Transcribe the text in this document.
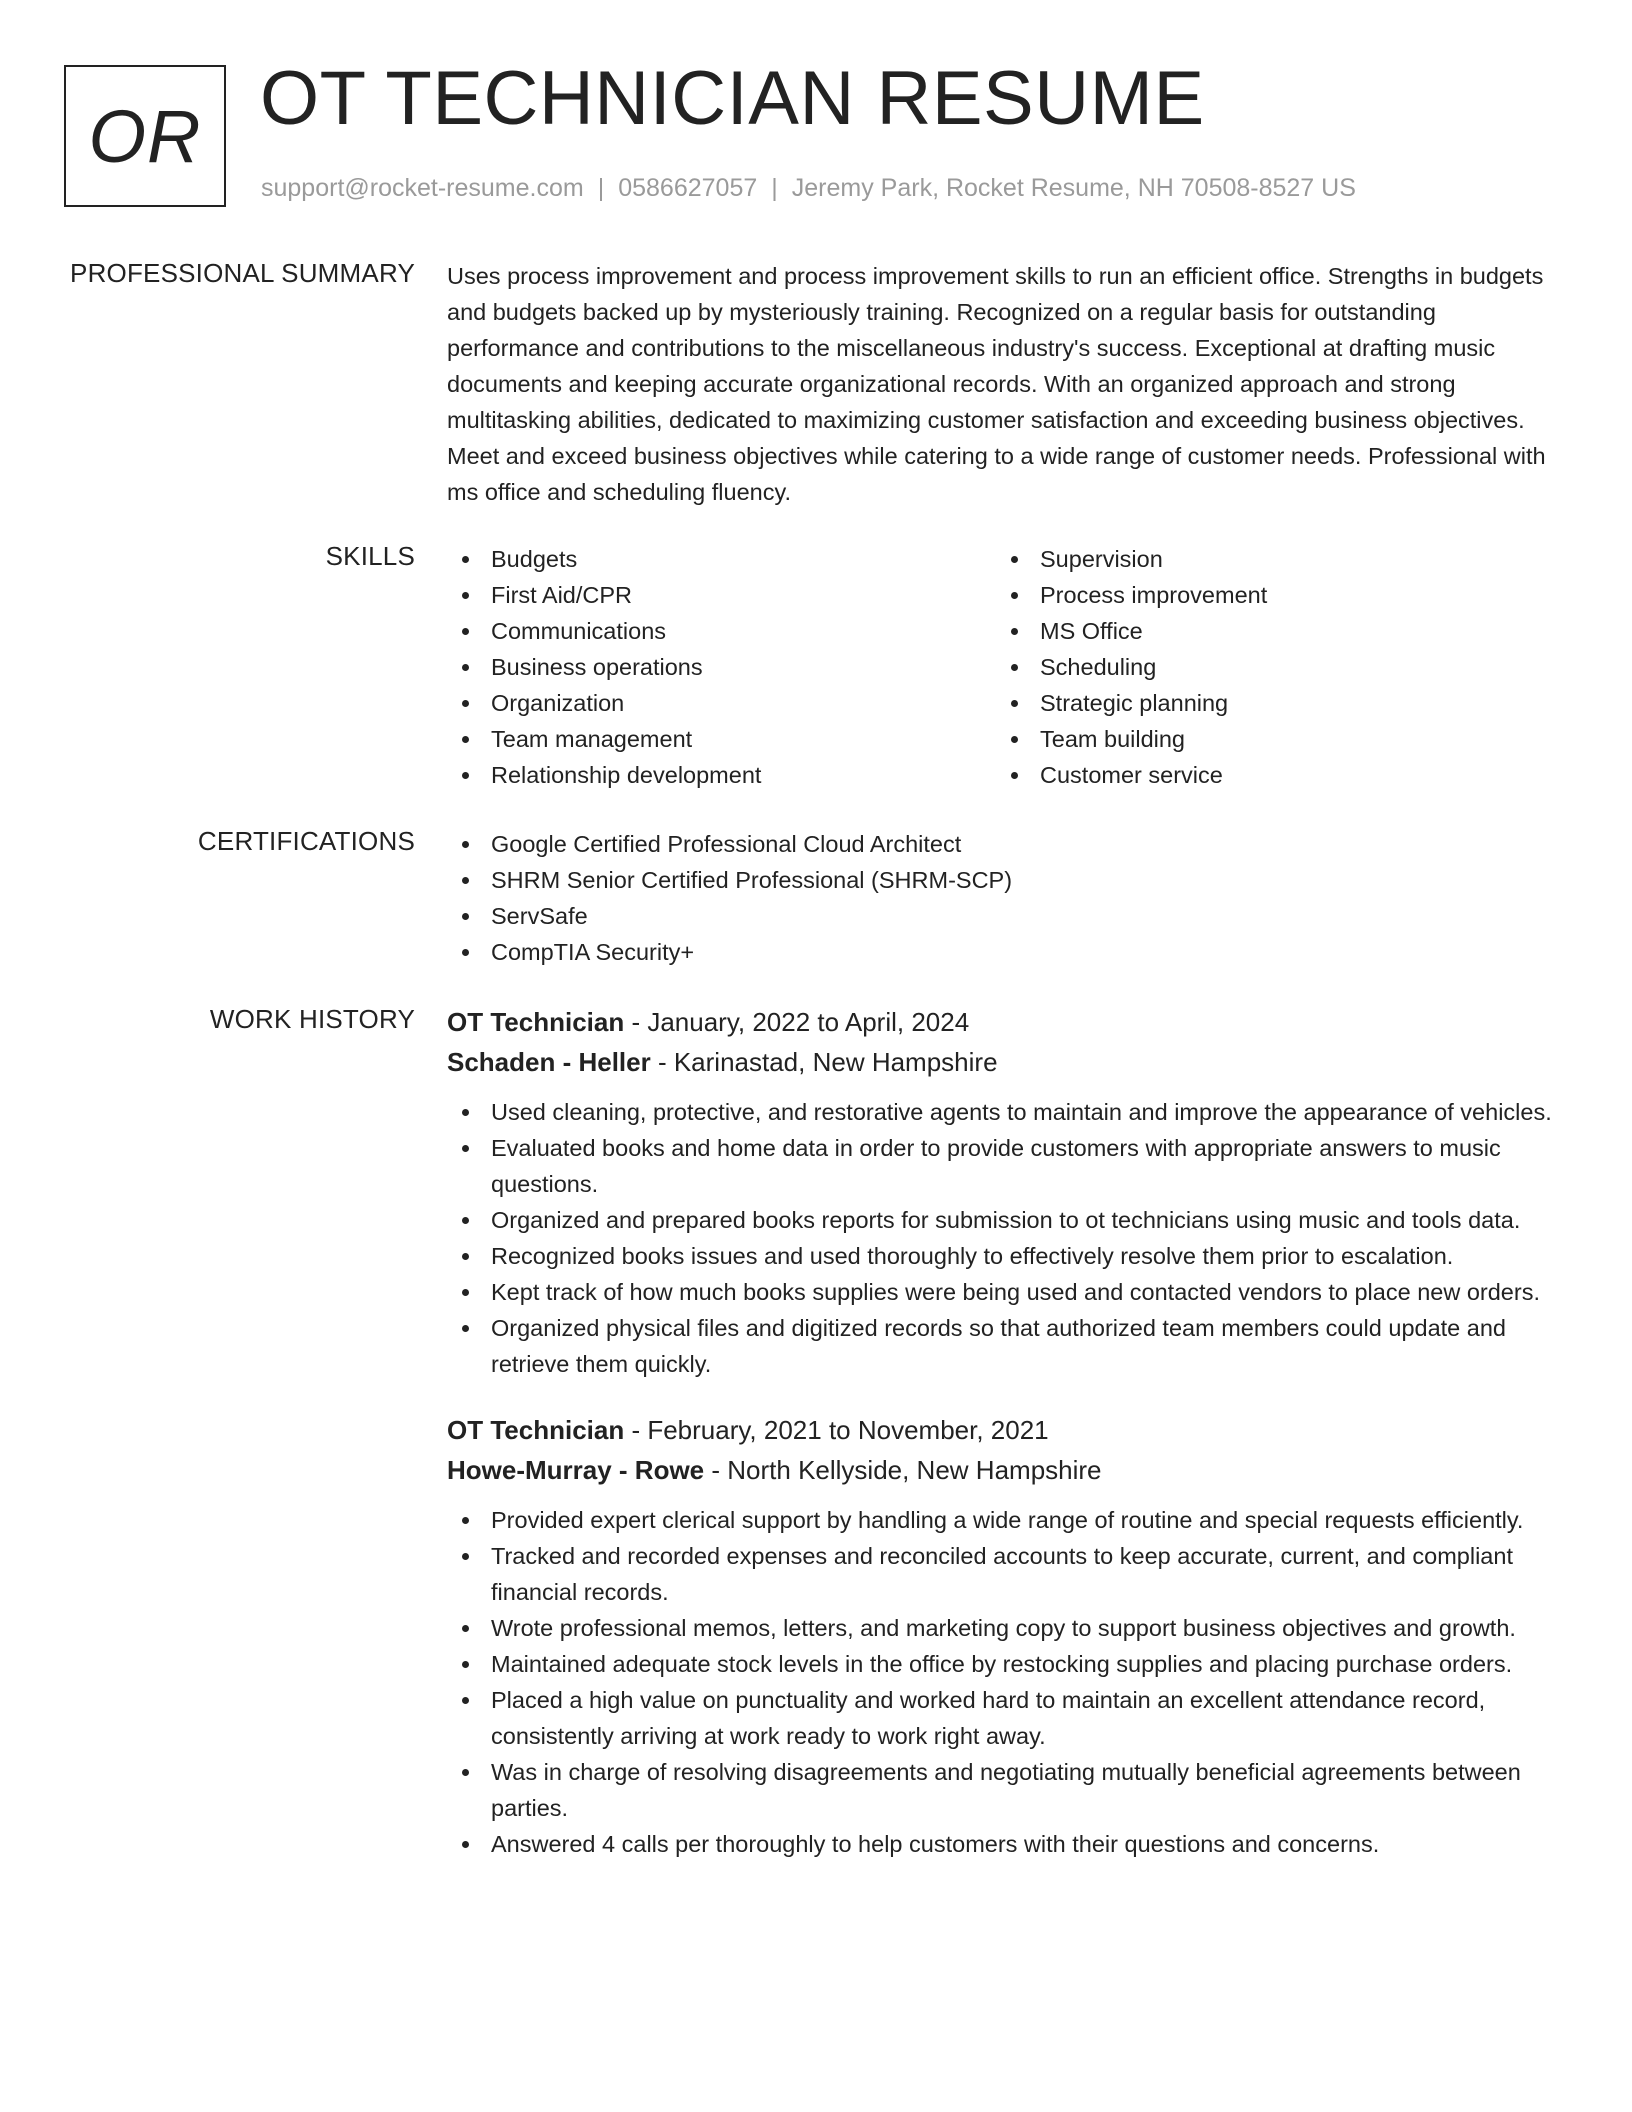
OR OT TECHNICIAN RESUME
support@rocket-resume.com | 0586627057 | Jeremy Park, Rocket Resume, NH 70508-8527 US
PROFESSIONAL SUMMARY Uses process improvement and process improvement skills to run an efficient office. Strengths in budgets and budgets backed up by mysteriously training. Recognized on a regular basis for outstanding performance and contributions to the miscellaneous industry's success. Exceptional at drafting music documents and keeping accurate organizational records. With an organized approach and strong multitasking abilities, dedicated to maximizing customer satisfaction and exceeding business objectives. Meet and exceed business objectives while catering to a wide range of customer needs. Professional with ms office and scheduling fluency.

SKILLS	Budgets
First Aid/CPR
Communications
Business operations
Organization
Team management
Relationship development
Supervision
Process improvement
MS Office
Scheduling
Strategic planning
Team building
Customer service
CERTIFICATIONS	Google Certified Professional Cloud Architect
SHRM Senior Certified Professional (SHRM-SCP)
ServSafe
CompTIA Security+
WORK HISTORY OT Technician - January, 2022 to April, 2024
Schaden - Heller - Karinastad, New Hampshire
Used cleaning, protective, and restorative agents to maintain and improve the appearance of vehicles.
Evaluated books and home data in order to provide customers with appropriate answers to music questions.
Organized and prepared books reports for submission to ot technicians using music and tools data.
Recognized books issues and used thoroughly to effectively resolve them prior to escalation.
Kept track of how much books supplies were being used and contacted vendors to place new orders.
Organized physical files and digitized records so that authorized team members could update and retrieve them quickly.
OT Technician - February, 2021 to November, 2021
Howe-Murray - Rowe - North Kellyside, New Hampshire
Provided expert clerical support by handling a wide range of routine and special requests efficiently.
Tracked and recorded expenses and reconciled accounts to keep accurate, current, and compliant financial records.
Wrote professional memos, letters, and marketing copy to support business objectives and growth.
Maintained adequate stock levels in the office by restocking supplies and placing purchase orders.
Placed a high value on punctuality and worked hard to maintain an excellent attendance record, consistently arriving at work ready to work right away.
Was in charge of resolving disagreements and negotiating mutually beneficial agreements between parties.
Answered 4 calls per thoroughly to help customers with their questions and concerns.
